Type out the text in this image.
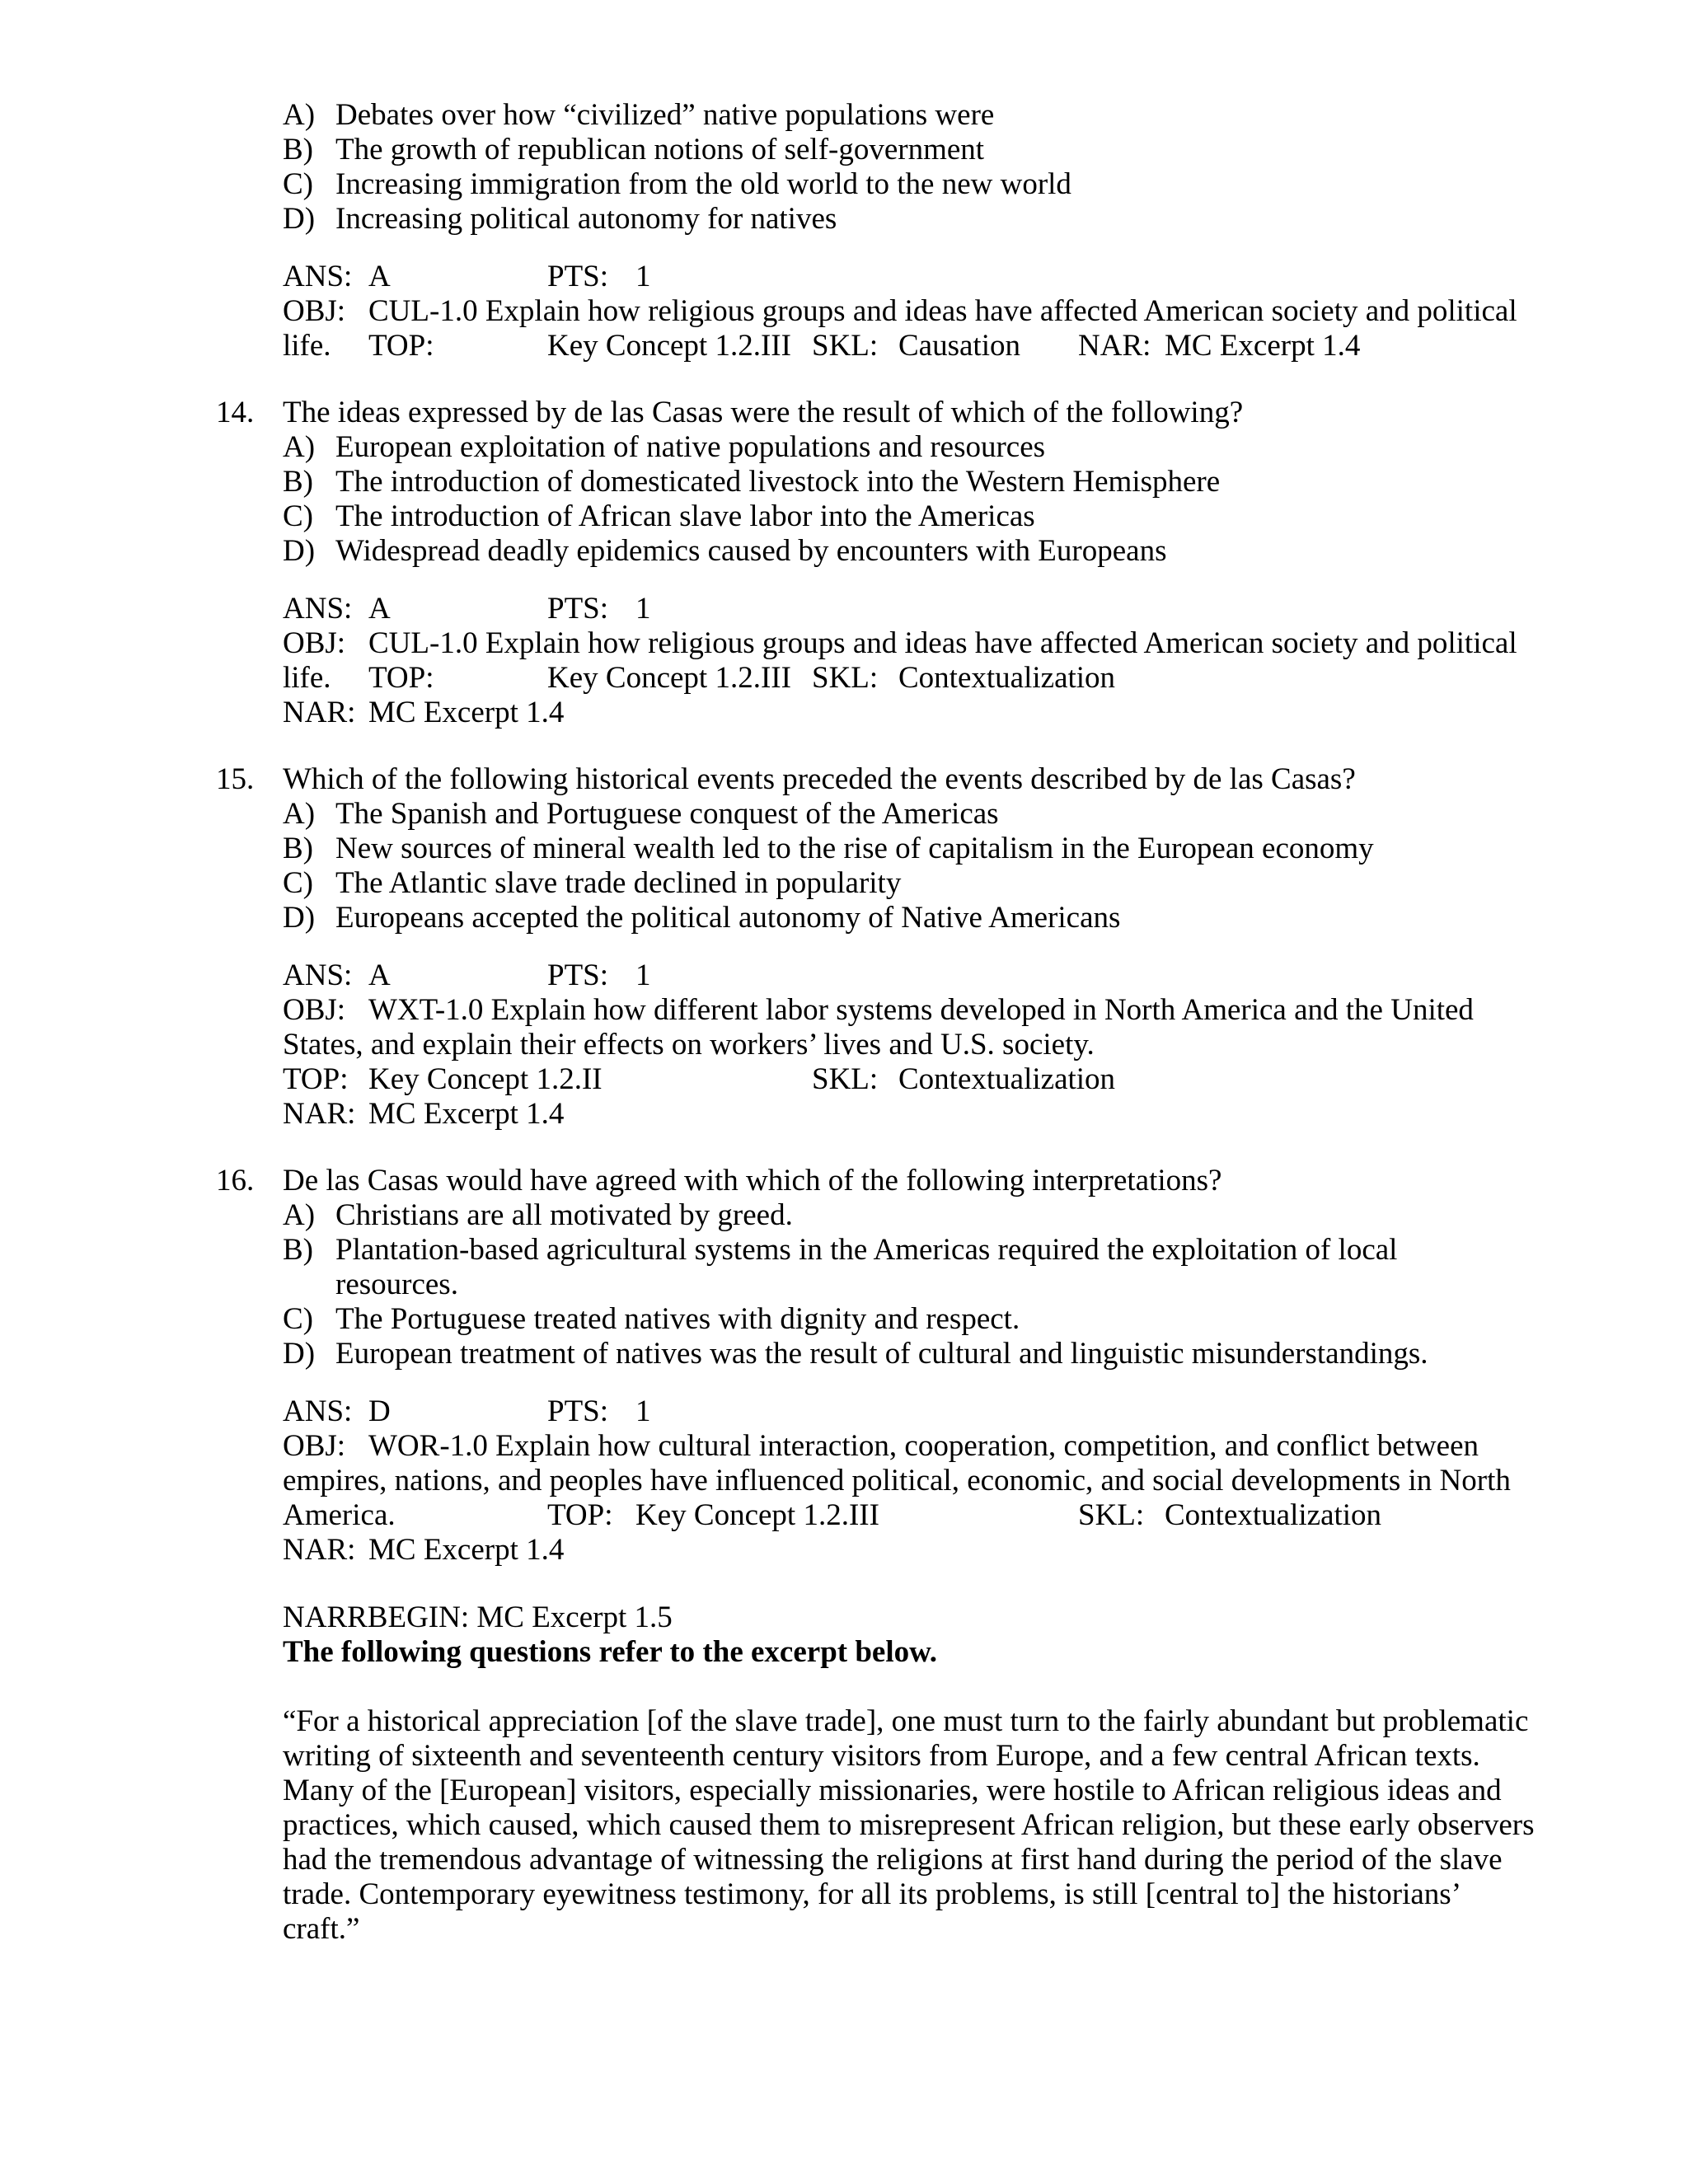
A) Debates over how “civilized” native populations were
B) The growth of republican notions of self-government
C) Increasing immigration from the old world to the new world
D) Increasing political autonomy for natives
ANS: A	PTS: 1
OBJ: CUL-1.0 Explain how religious groups and ideas have affected American society and political
life. TOP:	Key Concept 1.2.III SKL: Causation NAR: MC Excerpt 1.4
14. The ideas expressed by de las Casas were the result of which of the following?
A) European exploitation of native populations and resources
B) The introduction of domesticated livestock into the Western Hemisphere
C) The introduction of African slave labor into the Americas
D) Widespread deadly epidemics caused by encounters with Europeans
ANS: A	PTS: 1
OBJ: CUL-1.0 Explain how religious groups and ideas have affected American society and political
life. TOP:	Key Concept 1.2.III SKL: Contextualization
NAR: MC Excerpt 1.4
15. Which of the following historical events preceded the events described by de las Casas?
A) The Spanish and Portuguese conquest of the Americas
B) New sources of mineral wealth led to the rise of capitalism in the European economy
C) The Atlantic slave trade declined in popularity
D) Europeans accepted the political autonomy of Native Americans
ANS: A	PTS: 1
OBJ: WXT-1.0 Explain how different labor systems developed in North America and the United
States, and explain their effects on workers’ lives and U.S. society.
TOP: Key Concept 1.2.II	SKL: Contextualization
NAR: MC Excerpt 1.4
16. De las Casas would have agreed with which of the following interpretations?
A) Christians are all motivated by greed.
B) Plantation-based agricultural systems in the Americas required the exploitation of local
resources.
C) The Portuguese treated natives with dignity and respect.
D) European treatment of natives was the result of cultural and linguistic misunderstandings.
ANS: D	PTS: 1
OBJ: WOR-1.0 Explain how cultural interaction, cooperation, competition, and conflict between
empires, nations, and peoples have influenced political, economic, and social developments in North
America.	TOP: Key Concept 1.2.III	SKL: Contextualization
NAR: MC Excerpt 1.4
NARRBEGIN: MC Excerpt 1.5
The following questions refer to the excerpt below.
“For a historical appreciation [of the slave trade], one must turn to the fairly abundant but problematic
writing of sixteenth and seventeenth century visitors from Europe, and a few central African texts.
Many of the [European] visitors, especially missionaries, were hostile to African religious ideas and
practices, which caused, which caused them to misrepresent African religion, but these early observers
had the tremendous advantage of witnessing the religions at first hand during the period of the slave
trade. Contemporary eyewitness testimony, for all its problems, is still [central to] the historians’
craft.”
